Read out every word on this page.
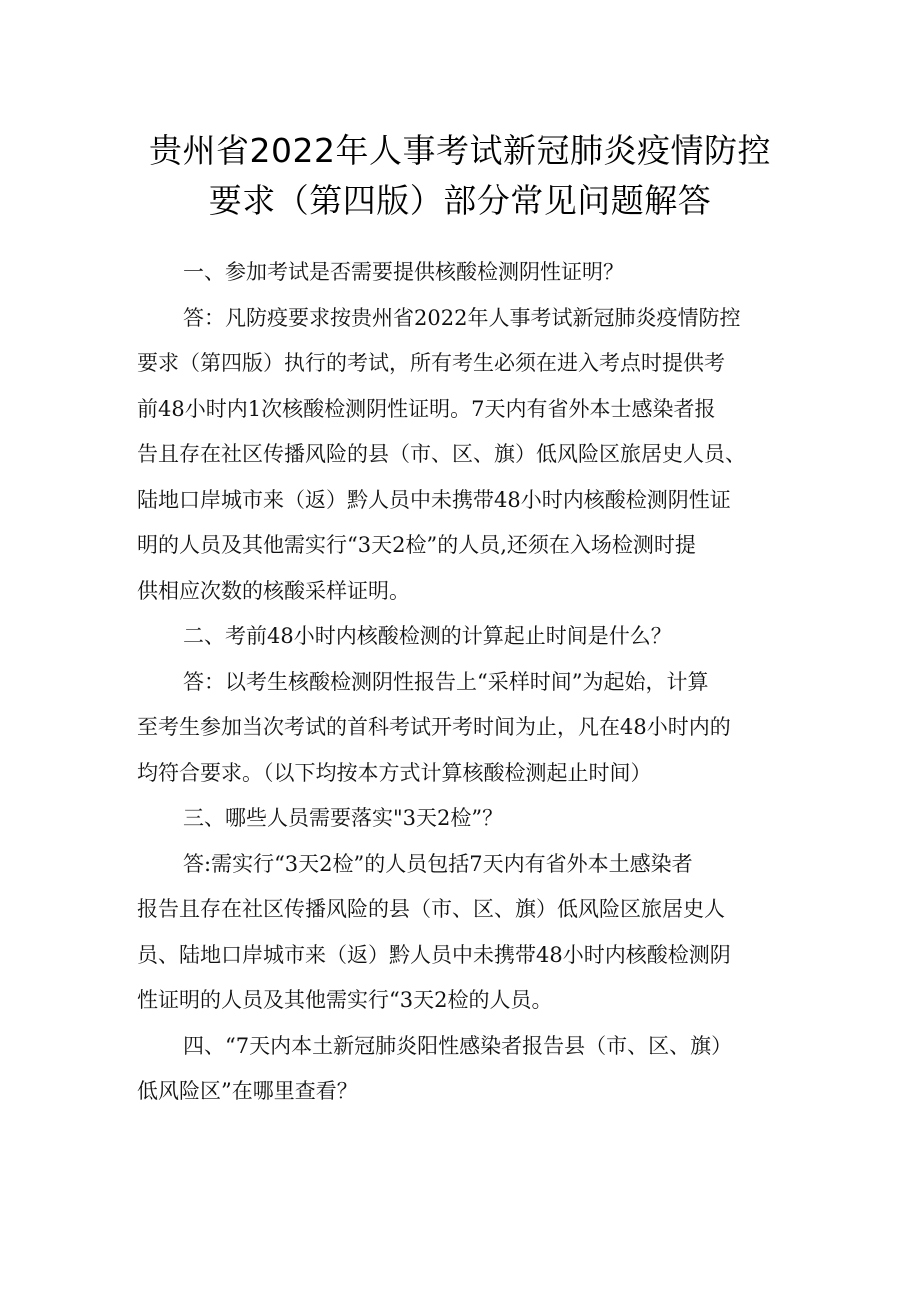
贵州省2022年人事考试新冠肺炎疫情防控
要求（第四版）部分常见问题解答
一、参加考试是否需要提供核酸检测阴性证明？
答：凡防疫要求按贵州省2022年人事考试新冠肺炎疫情防控
要求（第四版）执行的考试，所有考生必须在进入考点时提供考
前48小时内1次核酸检测阴性证明。7天内有省外本士感染者报
告且存在社区传播风险的县（市、区、旗）低风险区旅居史人员、
陆地口岸城市来（返）黔人员中未携带48小时内核酸检测阴性证
明的人员及其他需实行“3天2检”的人员,还须在入场检测时提
供相应次数的核酸采样证明。
二、考前48小时内核酸检测的计算起止时间是什么？
答：以考生核酸检测阴性报告上“采样时间”为起始，计算
至考生参加当次考试的首科考试开考时间为止，凡在48小时内的
均符合要求。（以下均按本方式计算核酸检测起止时间）
三、哪些人员需要落实"3天2检”？
答:需实行“3天2检”的人员包括7天内有省外本土感染者
报告且存在社区传播风险的县（市、区、旗）低风险区旅居史人
员、陆地口岸城市来（返）黔人员中未携带48小时内核酸检测阴
性证明的人员及其他需实行“3天2检的人员。
四、“7天内本土新冠肺炎阳性感染者报告县（市、区、旗）
低风险区”在哪里查看？
